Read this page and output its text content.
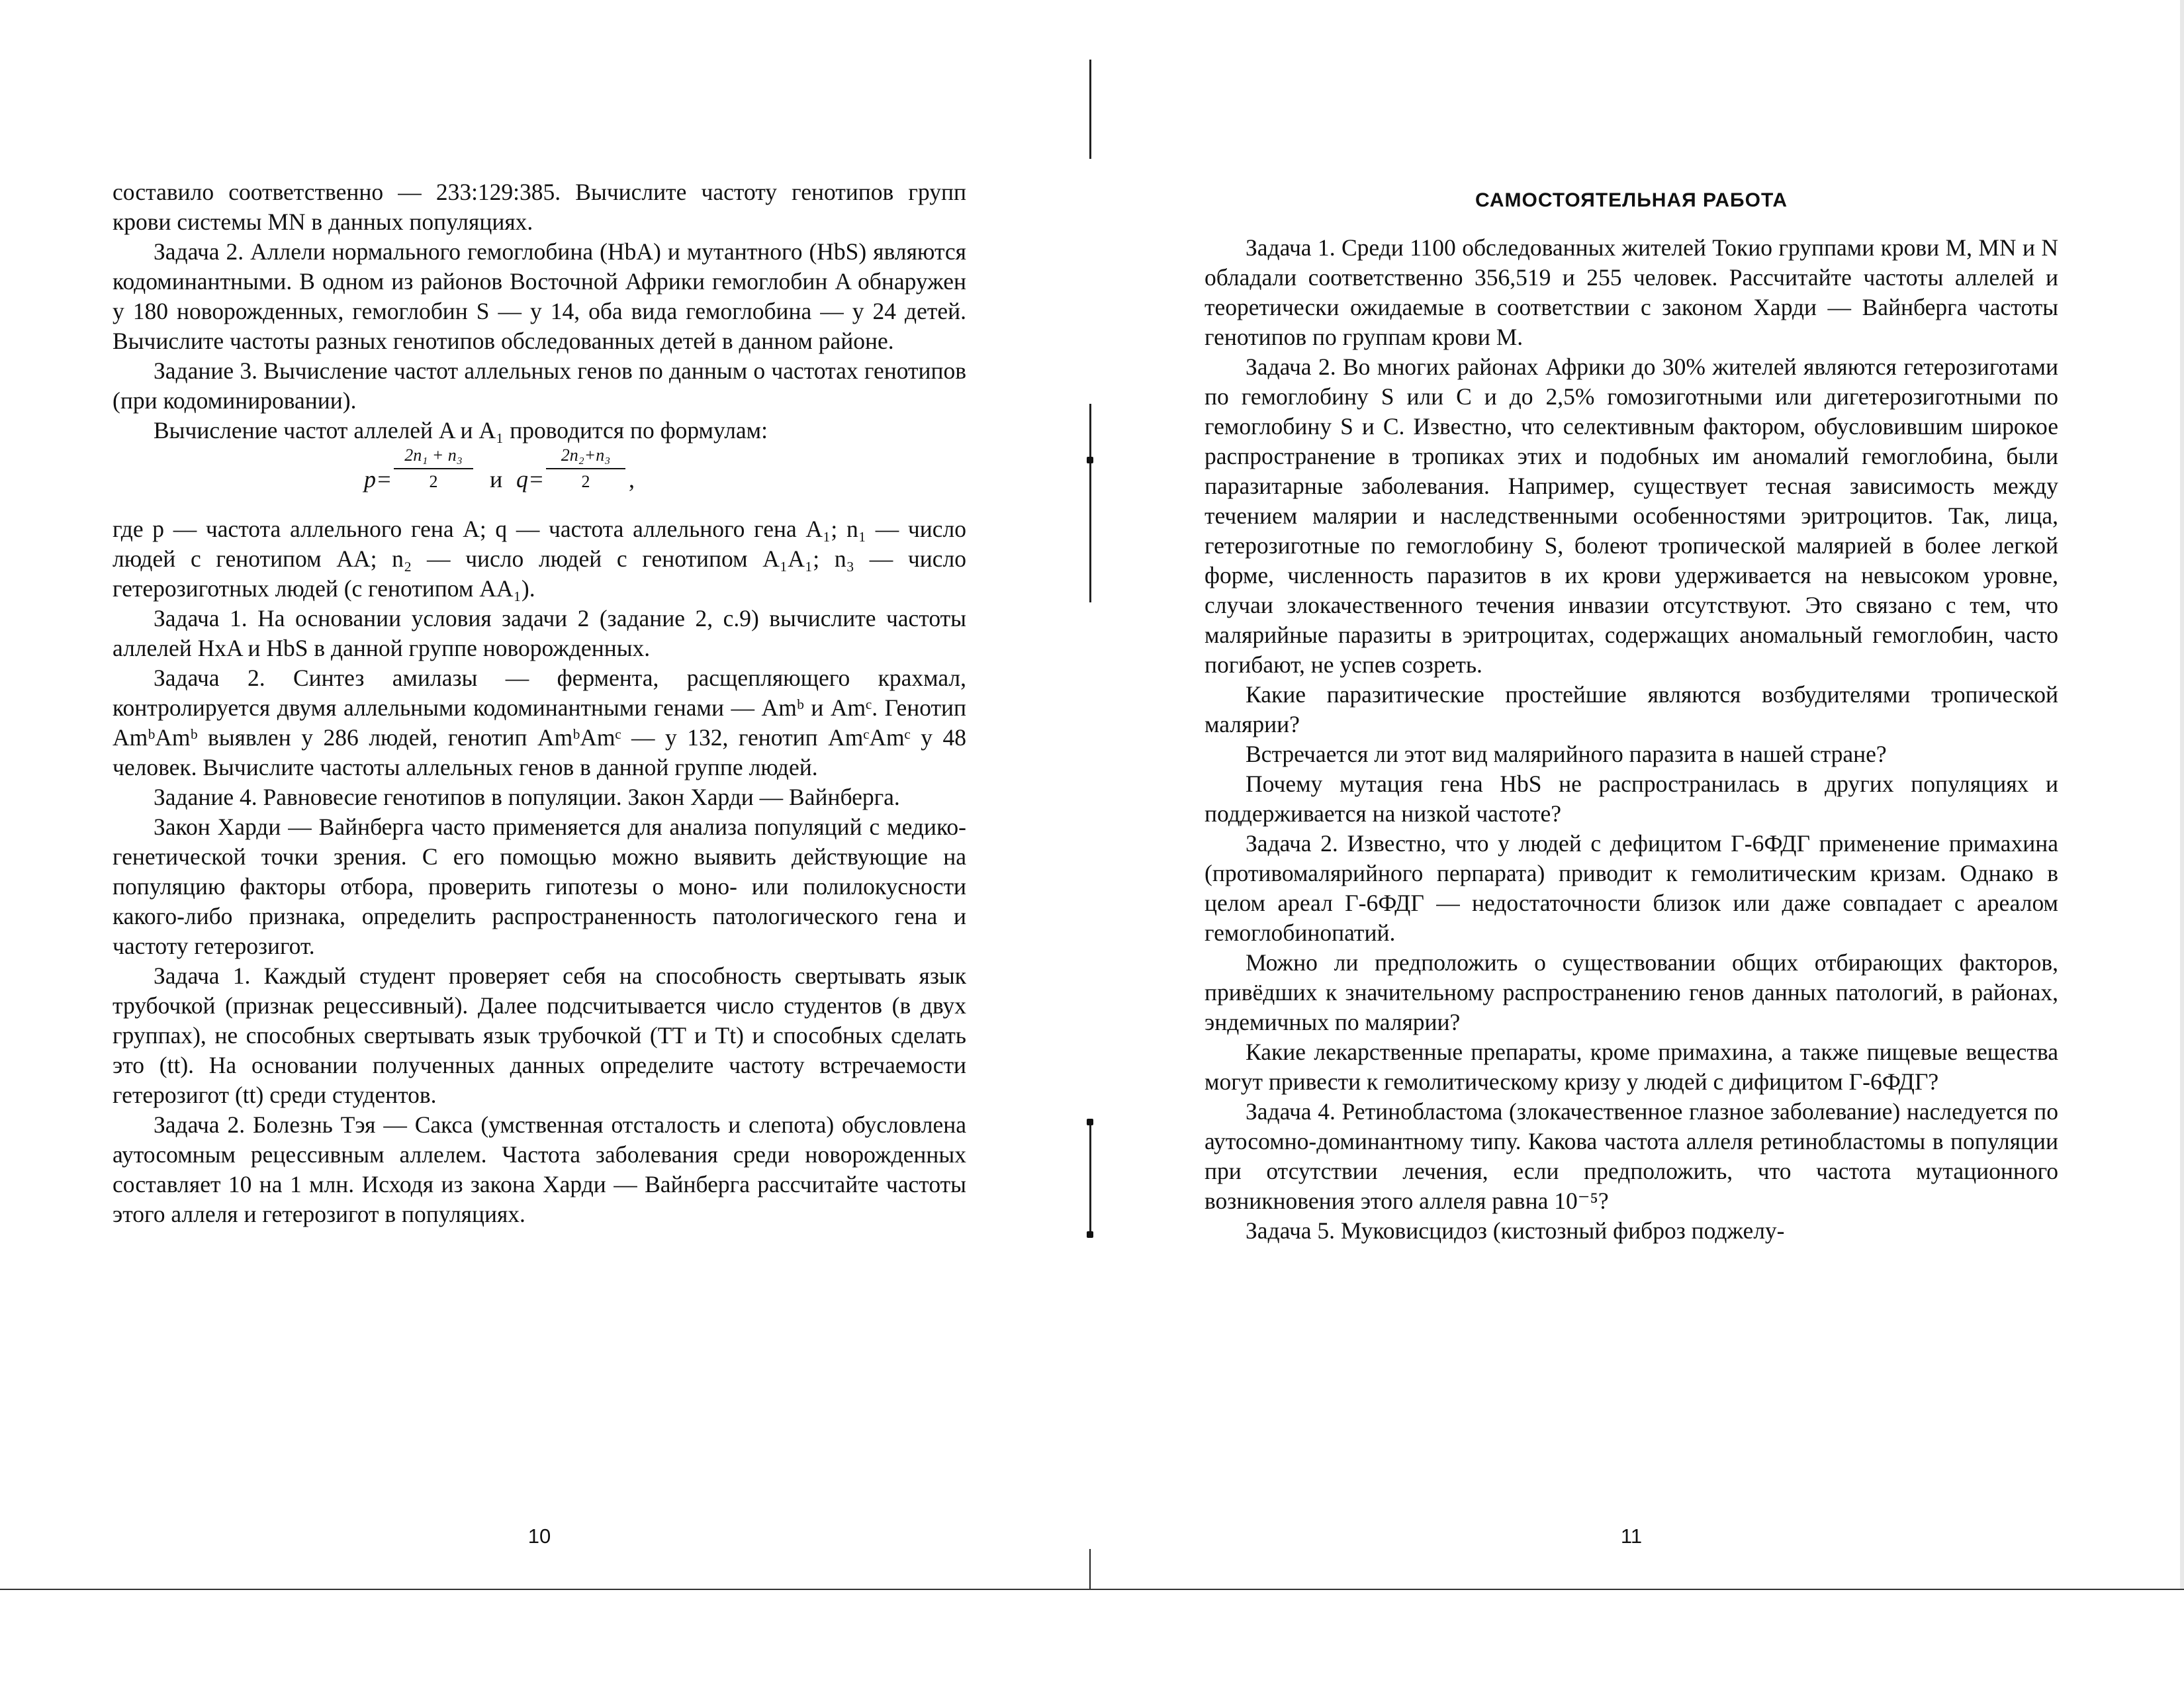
составило соответственно — 233:129:385. Вычислите частоту генотипов групп крови системы MN в данных популяциях.

Задача 2. Аллели нормального гемоглобина (HbA) и мутантного (HbS) являются кодоминантными. В одном из районов Восточной Африки гемоглобин A обнаружен у 180 новорожденных, гемоглобин S — у 14, оба вида гемоглобина — у 24 детей. Вычислите частоты разных генотипов обследованных детей в данном районе.

Задание 3. Вычисление частот аллельных генов по данным о частотах генотипов (при кодоминировании).

Вычисление частот аллелей A и A₁ проводится по формулам:

$p= \frac{\text{2n₁ + n₃}}{2}$ и $q= \frac{\text{2n₂+n₃}}{2}$ ,

где p — частота аллельного гена A; q — частота аллельного гена A₁; n₁ — число людей с генотипом AA; n₂ — число людей с генотипом A₁A₁; n₃ — число гетерозиготных людей (с генотипом AA₁).

Задача 1. На основании условия задачи 2 (задание 2, с.9) вычислите частоты аллелей HxA и HbS в данной группе новорожденных.

Задача 2. Синтез амилазы — фермента, расщепляющего крахмал, контролируется двумя аллельными кодоминантными генами — Amᵇ и Amᶜ. Генотип AmᵇAmᵇ выявлен у 286 людей, генотип AmᵇAmᶜ — у 132, генотип AmᶜAmᶜ у 48 человек. Вычислите частоты аллельных генов в данной группе людей.

Задание 4. Равновесие генотипов в популяции. Закон Харди — Вайнберга.

Закон Харди — Вайнберга часто применяется для анализа популяций с медико-генетической точки зрения. С его помощью можно выявить действующие на популяцию факторы отбора, проверить гипотезы о моно- или полилокусности какого-либо признака, определить распространенность патологического гена и частоту гетерозигот.

Задача 1. Каждый студент проверяет себя на способность свертывать язык трубочкой (признак рецессивный). Далее подсчитывается число студентов (в двух группах), не способных свертывать язык трубочкой (TT и Tt) и способных сделать это (tt). На основании полученных данных определите частоту встречаемости гетерозигот (tt) среди студентов.

Задача 2. Болезнь Тэя — Сакса (умственная отсталость и слепота) обусловлена аутосомным рецессивным аллелем. Частота заболевания среди новорожденных составляет 10 на 1 млн. Исходя из закона Харди — Вайнберга рассчитайте частоты этого аллеля и гетерозигот в популяциях.

10
САМОСТОЯТЕЛЬНАЯ РАБОТА

Задача 1. Среди 1100 обследованных жителей Токио группами крови M, MN и N обладали соответственно 356,519 и 255 человек. Рассчитайте частоты аллелей и теоретически ожидаемые в соответствии с законом Харди — Вайнберга частоты генотипов по группам крови M.

Задача 2. Во многих районах Африки до 30% жителей являются гетерозиготами по гемоглобину S или C и до 2,5% гомозиготными или дигетерозиготными по гемоглобину S и C. Известно, что селективным фактором, обусловившим широкое распространение в тропиках этих и подобных им аномалий гемоглобина, были паразитарные заболевания. Например, существует тесная зависимость между течением малярии и наследственными особенностями эритроцитов. Так, лица, гетерозиготные по гемоглобину S, болеют тропической малярией в более легкой форме, численность паразитов в их крови удерживается на невысоком уровне, случаи злокачественного течения инвазии отсутствуют. Это связано с тем, что малярийные паразиты в эритроцитах, содержащих аномальный гемоглобин, часто погибают, не успев созреть.

Какие паразитические простейшие являются возбудителями тропической малярии?

Встречается ли этот вид малярийного паразита в нашей стране?

Почему мутация гена HbS не распространилась в других популяциях и поддерживается на низкой частоте?

Задача 2. Известно, что у людей с дефицитом Г-6ФДГ применение примахина (противомалярийного перпарата) приводит к гемолитическим кризам. Однако в целом ареал Г-6ФДГ — недостаточности близок или даже совпадает с ареалом гемоглобинопатий.

Можно ли предположить о существовании общих отбирающих факторов, привёдших к значительному распространению генов данных патологий, в районах, эндемичных по малярии?

Какие лекарственные препараты, кроме примахина, а также пищевые вещества могут привести к гемолитическому кризу у людей с дифицитом Г-6ФДГ?

Задача 4. Ретинобластома (злокачественное глазное заболевание) наследуется по аутосомно-доминантному типу. Какова частота аллеля ретинобластомы в популяции при отсутствии лечения, если предположить, что частота мутационного возникновения этого аллеля равна 10⁻⁵?

Задача 5. Муковисцидоз (кистозный фиброз поджелу-

11
